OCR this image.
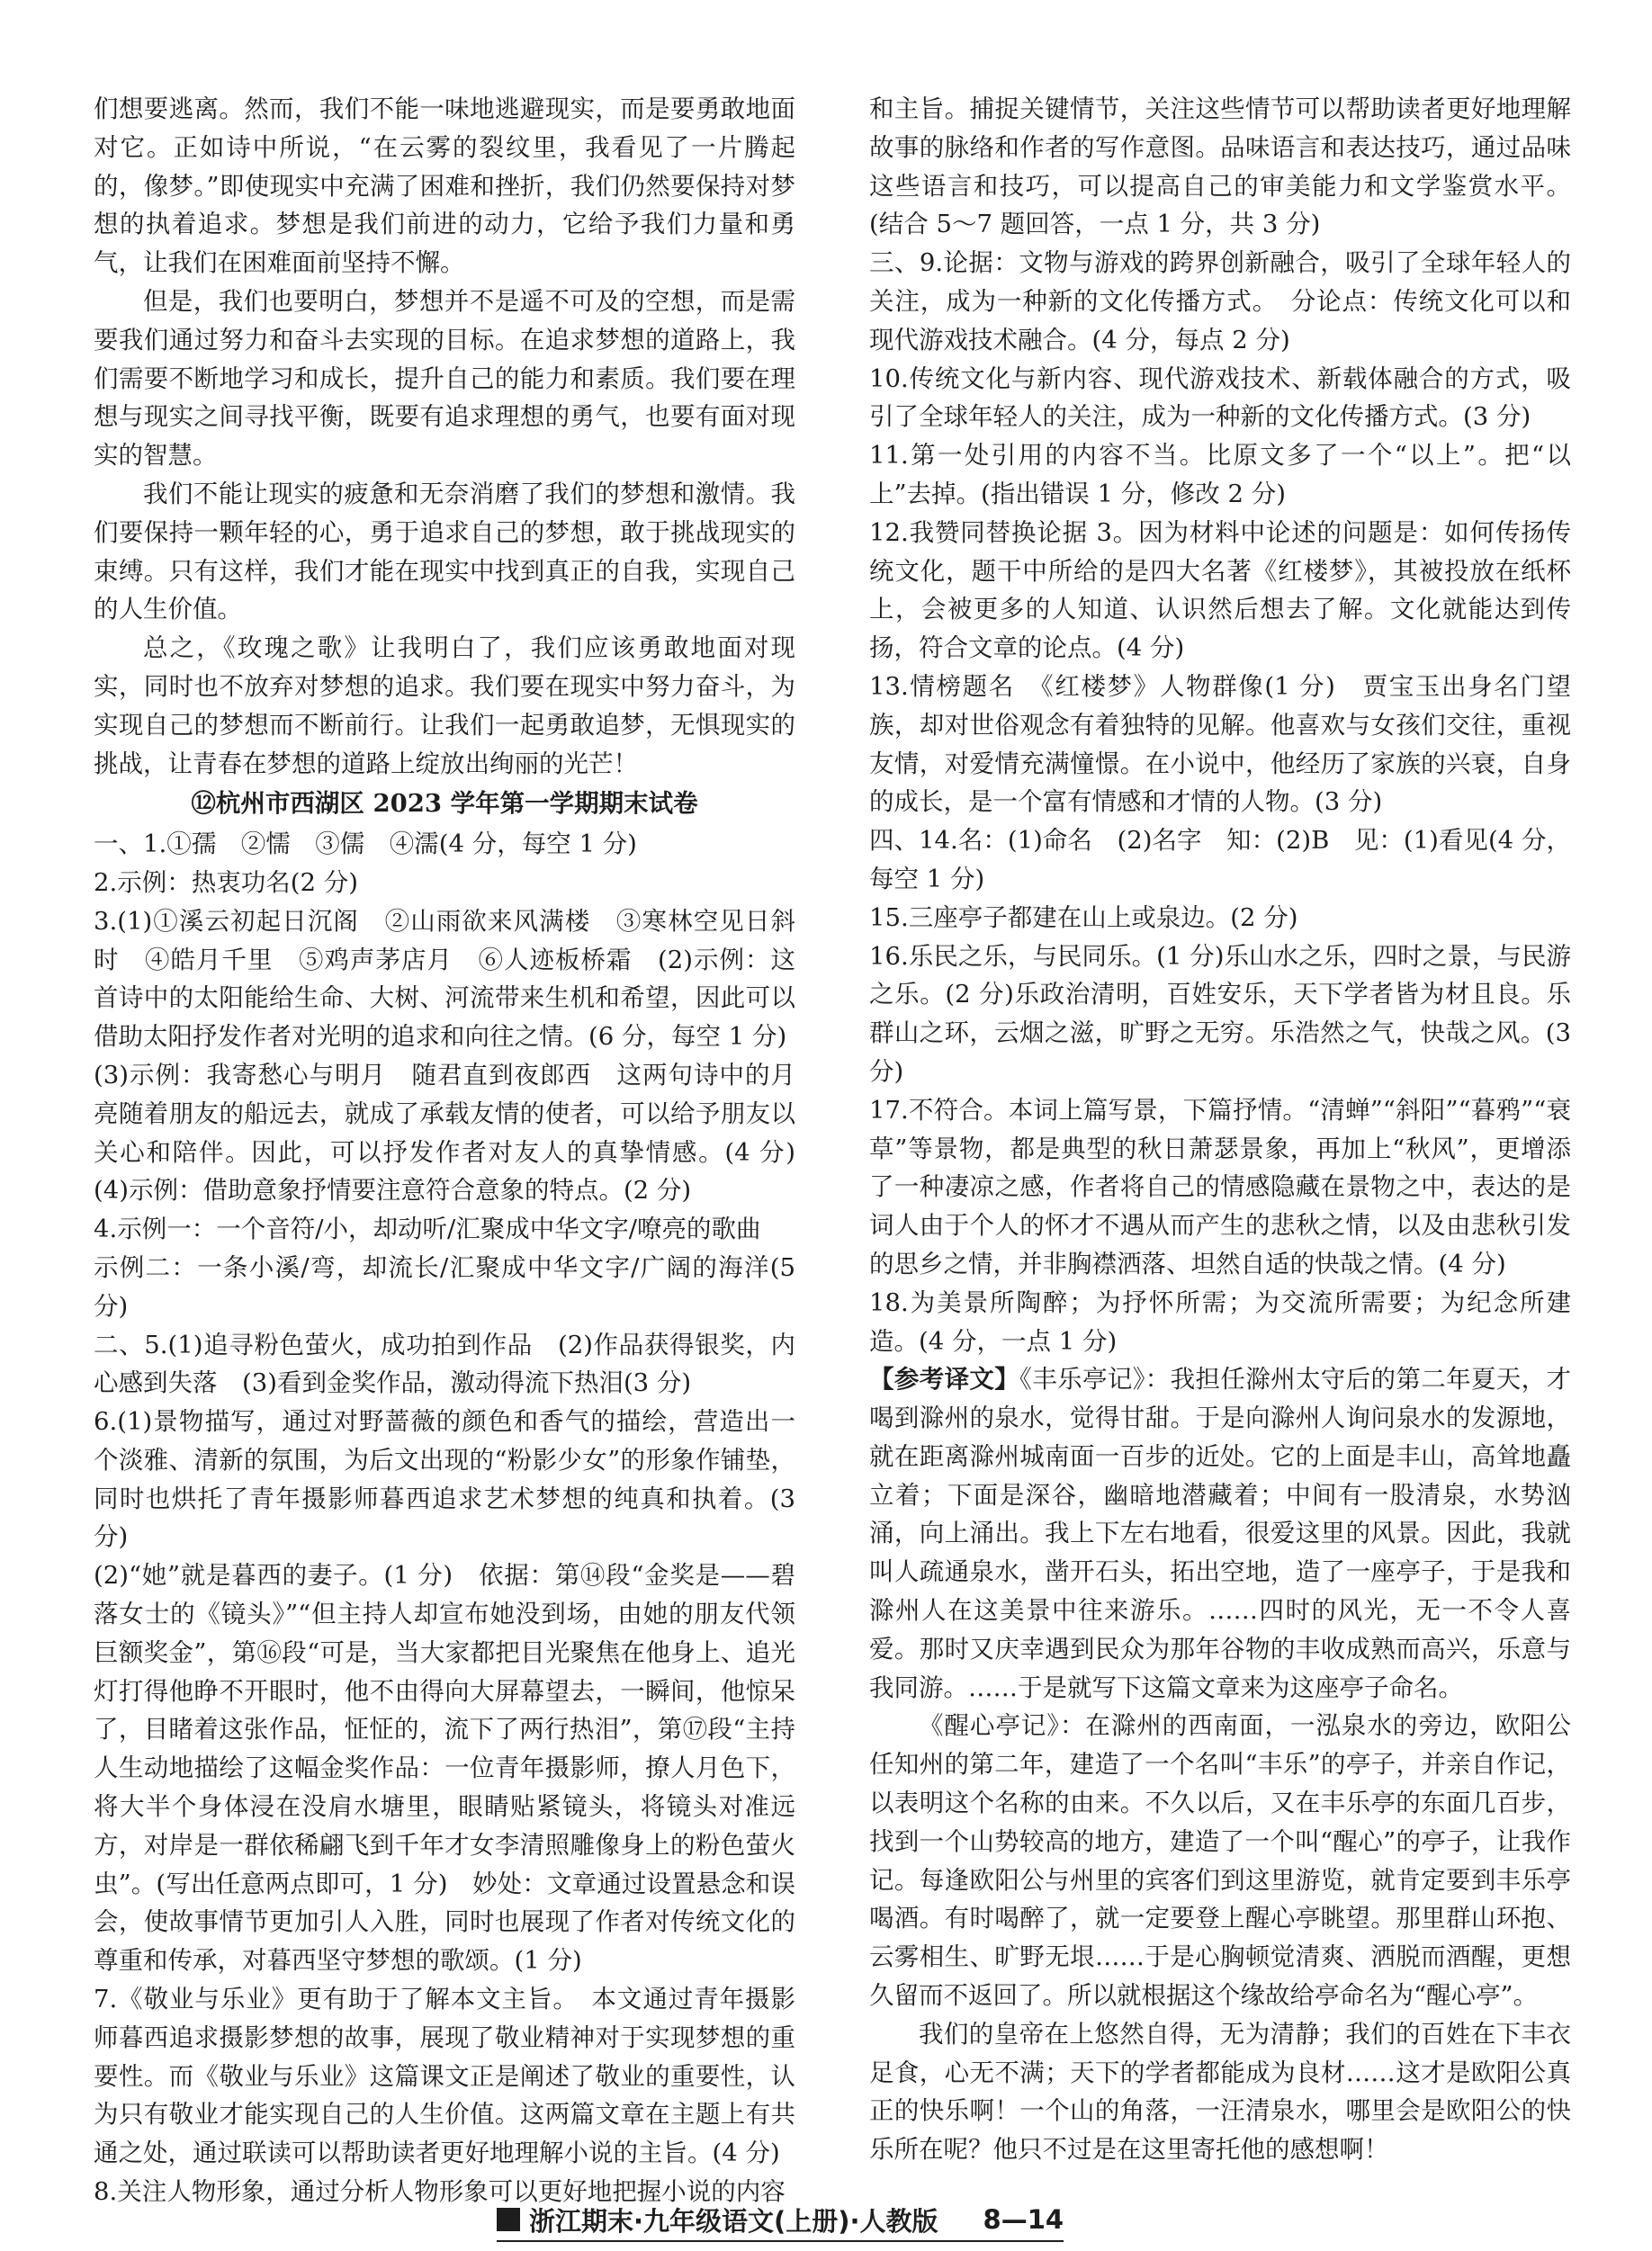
们想要逃离。然而，我们不能一味地逃避现实，而是要勇敢地面对它。正如诗中所说，“在云雾的裂纹里，我看见了一片腾起的，像梦。”即使现实中充满了困难和挫折，我们仍然要保持对梦想的执着追求。梦想是我们前进的动力，它给予我们力量和勇气，让我们在困难面前坚持不懈。

但是，我们也要明白，梦想并不是遥不可及的空想，而是需要我们通过努力和奋斗去实现的目标。在追求梦想的道路上，我们需要不断地学习和成长，提升自己的能力和素质。我们要在理想与现实之间寻找平衡，既要有追求理想的勇气，也要有面对现实的智慧。

我们不能让现实的疲惫和无奈消磨了我们的梦想和激情。我们要保持一颗年轻的心，勇于追求自己的梦想，敢于挑战现实的束缚。只有这样，我们才能在现实中找到真正的自我，实现自己的人生价值。

总之，《玫瑰之歌》让我明白了，我们应该勇敢地面对现实，同时也不放弃对梦想的追求。我们要在现实中努力奋斗，为实现自己的梦想而不断前行。让我们一起勇敢追梦，无惧现实的挑战，让青春在梦想的道路上绽放出绚丽的光芒！

⑫杭州市西湖区 2023 学年第一学期期末试卷

一、1.①孺　②懦　③儒　④濡(4 分，每空 1 分)

2.示例：热衷功名(2 分)

3.(1)①溪云初起日沉阁　②山雨欲来风满楼　③寒林空见日斜时　④皓月千里　⑤鸡声茅店月　⑥人迹板桥霜　(2)示例：这首诗中的太阳能给生命、大树、河流带来生机和希望，因此可以借助太阳抒发作者对光明的追求和向往之情。(6 分，每空 1 分)

(3)示例：我寄愁心与明月　随君直到夜郎西　这两句诗中的月亮随着朋友的船远去，就成了承载友情的使者，可以给予朋友以关心和陪伴。因此，可以抒发作者对友人的真挚情感。(4 分)　(4)示例：借助意象抒情要注意符合意象的特点。(2 分)

4.示例一：一个音符/小，却动听/汇聚成中华文字/嘹亮的歌曲

示例二：一条小溪/弯，却流长/汇聚成中华文字/广阔的海洋(5 分)

二、5.(1)追寻粉色萤火，成功拍到作品　(2)作品获得银奖，内心感到失落　(3)看到金奖作品，激动得流下热泪(3 分)

6.(1)景物描写，通过对野蔷薇的颜色和香气的描绘，营造出一个淡雅、清新的氛围，为后文出现的“粉影少女”的形象作铺垫，同时也烘托了青年摄影师暮西追求艺术梦想的纯真和执着。(3 分)

(2)“她”就是暮西的妻子。(1 分)　依据：第⑭段“金奖是——碧落女士的《镜头》”“但主持人却宣布她没到场，由她的朋友代领巨额奖金”，第⑯段“可是，当大家都把目光聚焦在他身上、追光灯打得他睁不开眼时，他不由得向大屏幕望去，一瞬间，他惊呆了，目睹着这张作品，怔怔的，流下了两行热泪”，第⑰段“主持人生动地描绘了这幅金奖作品：一位青年摄影师，撩人月色下，将大半个身体浸在没肩水塘里，眼睛贴紧镜头，将镜头对准远方，对岸是一群依稀翩飞到千年才女李清照雕像身上的粉色萤火虫”。(写出任意两点即可，1 分)　妙处：文章通过设置悬念和误会，使故事情节更加引人入胜，同时也展现了作者对传统文化的尊重和传承，对暮西坚守梦想的歌颂。(1 分)

7.《敬业与乐业》更有助于了解本文主旨。　本文通过青年摄影师暮西追求摄影梦想的故事，展现了敬业精神对于实现梦想的重要性。而《敬业与乐业》这篇课文正是阐述了敬业的重要性，认为只有敬业才能实现自己的人生价值。这两篇文章在主题上有共通之处，通过联读可以帮助读者更好地理解小说的主旨。(4 分)

8.关注人物形象，通过分析人物形象可以更好地把握小说的内容

和主旨。捕捉关键情节，关注这些情节可以帮助读者更好地理解故事的脉络和作者的写作意图。品味语言和表达技巧，通过品味这些语言和技巧，可以提高自己的审美能力和文学鉴赏水平。(结合 5～7 题回答，一点 1 分，共 3 分)

三、9.论据：文物与游戏的跨界创新融合，吸引了全球年轻人的关注，成为一种新的文化传播方式。　分论点：传统文化可以和现代游戏技术融合。(4 分，每点 2 分)

10.传统文化与新内容、现代游戏技术、新载体融合的方式，吸引了全球年轻人的关注，成为一种新的文化传播方式。(3 分)

11.第一处引用的内容不当。比原文多了一个“以上”。把“以上”去掉。(指出错误 1 分，修改 2 分)

12.我赞同替换论据 3。因为材料中论述的问题是：如何传扬传统文化，题干中所给的是四大名著《红楼梦》，其被投放在纸杯上，会被更多的人知道、认识然后想去了解。文化就能达到传扬，符合文章的论点。(4 分)

13.情榜题名　《红楼梦》人物群像(1 分)　贾宝玉出身名门望族，却对世俗观念有着独特的见解。他喜欢与女孩们交往，重视友情，对爱情充满憧憬。在小说中，他经历了家族的兴衰，自身的成长，是一个富有情感和才情的人物。(3 分)

四、14.名：(1)命名　(2)名字　知：(2)B　见：(1)看见(4 分，每空 1 分)

15.三座亭子都建在山上或泉边。(2 分)

16.乐民之乐，与民同乐。(1 分)乐山水之乐，四时之景，与民游之乐。(2 分)乐政治清明，百姓安乐，天下学者皆为材且良。乐群山之环，云烟之滋，旷野之无穷。乐浩然之气，快哉之风。(3 分)

17.不符合。本词上篇写景，下篇抒情。“清蝉”“斜阳”“暮鸦”“衰草”等景物，都是典型的秋日萧瑟景象，再加上“秋风”，更增添了一种凄凉之感，作者将自己的情感隐藏在景物之中，表达的是词人由于个人的怀才不遇从而产生的悲秋之情，以及由悲秋引发的思乡之情，并非胸襟洒落、坦然自适的快哉之情。(4 分)

18.为美景所陶醉；为抒怀所需；为交流所需要；为纪念所建造。(4 分，一点 1 分)

【参考译文】《丰乐亭记》：我担任滁州太守后的第二年夏天，才喝到滁州的泉水，觉得甘甜。于是向滁州人询问泉水的发源地，就在距离滁州城南面一百步的近处。它的上面是丰山，高耸地矗立着；下面是深谷，幽暗地潜藏着；中间有一股清泉，水势汹涌，向上涌出。我上下左右地看，很爱这里的风景。因此，我就叫人疏通泉水，凿开石头，拓出空地，造了一座亭子，于是我和滁州人在这美景中往来游乐。……四时的风光，无一不令人喜爱。那时又庆幸遇到民众为那年谷物的丰收成熟而高兴，乐意与我同游。……于是就写下这篇文章来为这座亭子命名。

《醒心亭记》：在滁州的西南面，一泓泉水的旁边，欧阳公任知州的第二年，建造了一个名叫“丰乐”的亭子，并亲自作记，以表明这个名称的由来。不久以后，又在丰乐亭的东面几百步，找到一个山势较高的地方，建造了一个叫“醒心”的亭子，让我作记。每逢欧阳公与州里的宾客们到这里游览，就肯定要到丰乐亭喝酒。有时喝醉了，就一定要登上醒心亭眺望。那里群山环抱、云雾相生、旷野无垠……于是心胸顿觉清爽、洒脱而酒醒，更想久留而不返回了。所以就根据这个缘故给亭命名为“醒心亭”。

我们的皇帝在上悠然自得，无为清静；我们的百姓在下丰衣足食，心无不满；天下的学者都能成为良材……这才是欧阳公真正的快乐啊！一个山的角落，一汪清泉水，哪里会是欧阳公的快乐所在呢？他只不过是在这里寄托他的感想啊！

浙江期末·九年级语文(上册)·人教版 8—14
